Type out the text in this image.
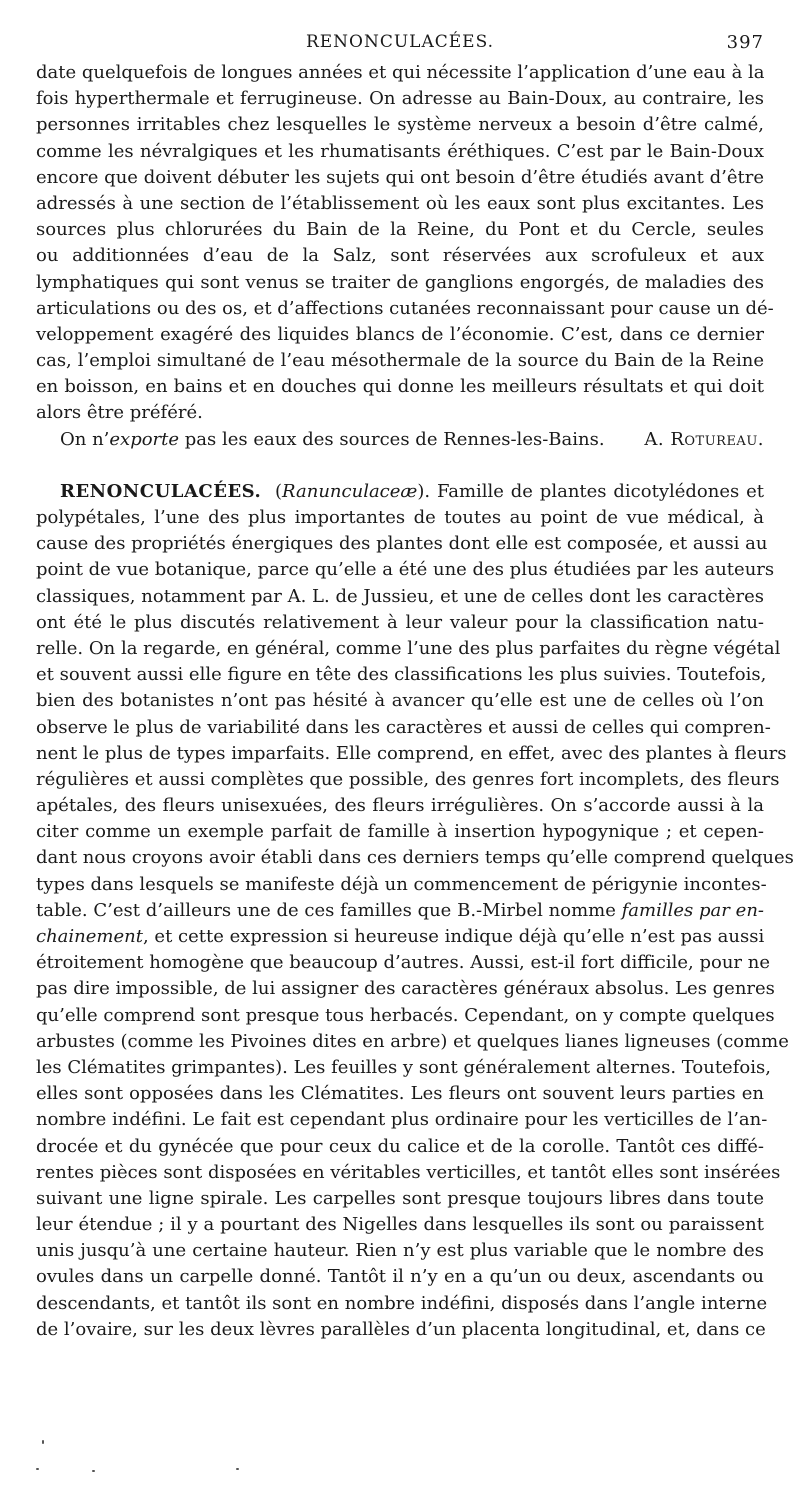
RENONCULACÉES.	397
date quelquefois de longues années et qui nécessite l’application d’une eau à la
fois hyperthermale et ferrugineuse. On adresse au Bain-Doux, au contraire, les
personnes irritables chez lesquelles le système nerveux a besoin d’être calmé,
comme les névralgiques et les rhumatisants éréthiques. C’est par le Bain-Doux
encore que doivent débuter les sujets qui ont besoin d’être étudiés avant d’être
adressés à une section de l’établissement où les eaux sont plus excitantes. Les
sources plus chlorurées du Bain de la Reine, du Pont et du Cercle, seules
ou additionnées d’eau de la Salz, sont réservées aux scrofuleux et aux
lymphatiques qui sont venus se traiter de ganglions engorgés, de maladies des
articulations ou des os, et d’affections cutanées reconnaissant pour cause un dé-
veloppement exagéré des liquides blancs de l’économie. C’est, dans ce dernier
cas, l’emploi simultané de l’eau mésothermale de la source du Bain de la Reine
en boisson, en bains et en douches qui donne les meilleurs résultats et qui doit
alors être préféré.
On n’exporte pas les eaux des sources de Rennes-les-Bains. A. Rotureau.
RENONCULACÉES. (Ranunculaceæ). Famille de plantes dicotylédones et
polypétales, l’une des plus importantes de toutes au point de vue médical, à
cause des propriétés énergiques des plantes dont elle est composée, et aussi au
point de vue botanique, parce qu’elle a été une des plus étudiées par les auteurs
classiques, notamment par A. L. de Jussieu, et une de celles dont les caractères
ont été le plus discutés relativement à leur valeur pour la classification natu-
relle. On la regarde, en général, comme l’une des plus parfaites du règne végétal
et souvent aussi elle figure en tête des classifications les plus suivies. Toutefois,
bien des botanistes n’ont pas hésité à avancer qu’elle est une de celles où l’on
observe le plus de variabilité dans les caractères et aussi de celles qui compren-
nent le plus de types imparfaits. Elle comprend, en effet, avec des plantes à fleurs
régulières et aussi complètes que possible, des genres fort incomplets, des fleurs
apétales, des fleurs unisexuées, des fleurs irrégulières. On s’accorde aussi à la
citer comme un exemple parfait de famille à insertion hypogynique ; et cepen-
dant nous croyons avoir établi dans ces derniers temps qu’elle comprend quelques
types dans lesquels se manifeste déjà un commencement de périgynie incontes-
table. C’est d’ailleurs une de ces familles que B.-Mirbel nomme familles par en-
chainement, et cette expression si heureuse indique déjà qu’elle n’est pas aussi
étroitement homogène que beaucoup d’autres. Aussi, est-il fort difficile, pour ne
pas dire impossible, de lui assigner des caractères généraux absolus. Les genres
qu’elle comprend sont presque tous herbacés. Cependant, on y compte quelques
arbustes (comme les Pivoines dites en arbre) et quelques lianes ligneuses (comme
les Clématites grimpantes). Les feuilles y sont généralement alternes. Toutefois,
elles sont opposées dans les Clématites. Les fleurs ont souvent leurs parties en
nombre indéfini. Le fait est cependant plus ordinaire pour les verticilles de l’an-
drocée et du gynécée que pour ceux du calice et de la corolle. Tantôt ces diffé-
rentes pièces sont disposées en véritables verticilles, et tantôt elles sont insérées
suivant une ligne spirale. Les carpelles sont presque toujours libres dans toute
leur étendue ; il y a pourtant des Nigelles dans lesquelles ils sont ou paraissent
unis jusqu’à une certaine hauteur. Rien n’y est plus variable que le nombre des
ovules dans un carpelle donné. Tantôt il n’y en a qu’un ou deux, ascendants ou
descendants, et tantôt ils sont en nombre indéfini, disposés dans l’angle interne
de l’ovaire, sur les deux lèvres parallèles d’un placenta longitudinal, et, dans ce
